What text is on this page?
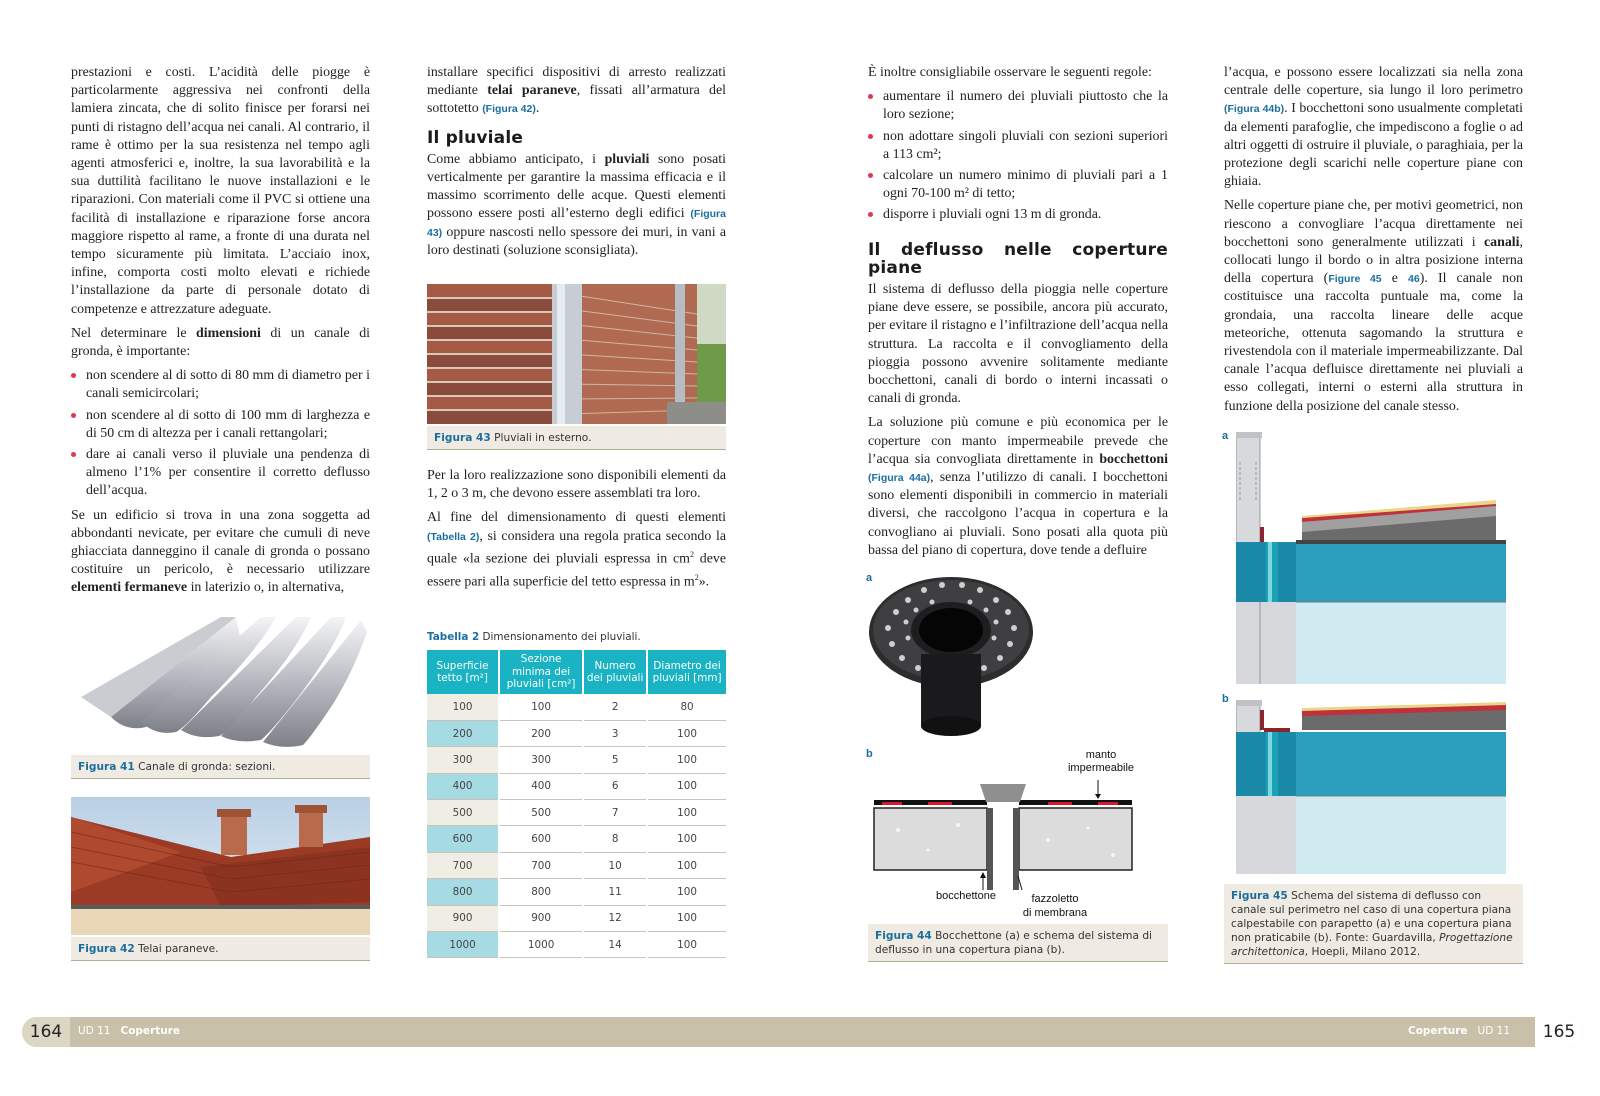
prestazioni e costi. L’acidità delle piogge è particolarmente aggressiva nei confronti della lamiera zincata, che di solito finisce per forarsi nei punti di ristagno dell’acqua nei canali. Al contrario, il rame è ottimo per la sua resistenza nel tempo agli agenti atmosferici e, inoltre, la sua lavorabilità e la sua duttilità facilitano le nuove installazioni e le riparazioni. Con materiali come il PVC si ottiene una facilità di installazione e riparazione forse ancora maggiore rispetto al rame, a fronte di una durata nel tempo sicuramente più limitata. L’acciaio inox, infine, comporta costi molto elevati e richiede l’installazione da parte di personale dotato di competenze e attrezzature adeguate.

Nel determinare le dimensioni di un canale di gronda, è importante:

non scendere al di sotto di 80 mm di diametro per i canali semicircolari;
non scendere al di sotto di 100 mm di larghezza e di 50 cm di altezza per i canali rettangolari;
dare ai canali verso il pluviale una pendenza di almeno l’1% per consentire il corretto deflusso dell’acqua.

Se un edificio si trova in una zona soggetta ad abbondanti nevicate, per evitare che cumuli di neve ghiacciata danneggino il canale di gronda o possano costituire un pericolo, è necessario utilizzare elementi fermaneve in laterizio o, in alternativa,

Figura 41 Canale di gronda: sezioni.
Figura 42 Telai paraneve.

installare specifici dispositivi di arresto realizzati mediante telai paraneve, fissati all’armatura del sottotetto (Figura 42).

Il pluviale

Come abbiamo anticipato, i pluviali sono posati verticalmente per garantire la massima efficacia e il massimo scorrimento delle acque. Questi elementi possono essere posti all’esterno degli edifici (Figura 43) oppure nascosti nello spessore dei muri, in vani a loro destinati (soluzione sconsigliata).

Figura 43 Pluviali in esterno.

Per la loro realizzazione sono disponibili elementi da 1, 2 o 3 m, che devono essere assemblati tra loro.

Al fine del dimensionamento di questi elementi (Tabella 2), si considera una regola pratica secondo la quale «la sezione dei pluviali espressa in $cm^2$ deve essere pari alla superficie del tetto espressa in $m^2$».

Tabella 2 Dimensionamento dei pluviali.
Superficie tetto [m²]	Sezione minima dei pluviali [cm²]	Numero dei pluviali	Diametro dei pluviali [mm]
100	100	2	80
200	200	3	100
300	300	5	100
400	400	6	100
500	500	7	100
600	600	8	100
700	700	10	100
800	800	11	100
900	900	12	100
1000	1000	14	100

È inoltre consigliabile osservare le seguenti regole:

aumentare il numero dei pluviali piuttosto che la loro sezione;
non adottare singoli pluviali con sezioni superiori a 113 cm²;
calcolare un numero minimo di pluviali pari a 1 ogni 70-100 m² di tetto;
disporre i pluviali ogni 13 m di gronda.
Il deflusso nelle coperture piane

Il sistema di deflusso della pioggia nelle coperture piane deve essere, se possibile, ancora più accurato, per evitare il ristagno e l’infiltrazione dell’acqua nella struttura. La raccolta e il convogliamento della pioggia possono avvenire solitamente mediante bocchettoni, canali di bordo o interni incassati o canali di gronda.

La soluzione più comune e più economica per le coperture con manto impermeabile prevede che l’acqua sia convogliata direttamente in bocchettoni (Figura 44a), senza l’utilizzo di canali. I bocchettoni sono elementi disponibili in commercio in materiali diversi, che raccolgono l’acqua in copertura e la convogliano ai pluviali. Sono posati alla quota più bassa del piano di copertura, dove tende a defluire

a
b	manto
impermeabile
bocchettone	fazzoletto
di membrana
Figura 44 Bocchettone (a) e schema del sistema di deflusso in una copertura piana (b).

l’acqua, e possono essere localizzati sia nella zona centrale delle coperture, sia lungo il loro perimetro (Figura 44b). I bocchettoni sono usualmente completati da elementi parafoglie, che impediscono a foglie o ad altri oggetti di ostruire il pluviale, o paraghiaia, per la protezione degli scarichi nelle coperture piane con ghiaia.

Nelle coperture piane che, per motivi geometrici, non riescono a convogliare l’acqua direttamente nei bocchettoni sono generalmente utilizzati i canali, collocati lungo il bordo o in altra posizione interna della copertura (Figure 45 e 46). Il canale non costituisce una raccolta puntuale ma, come la grondaia, una raccolta lineare delle acque meteoriche, ottenuta sagomando la struttura e rivestendola con il materiale impermeabilizzante. Dal canale l’acqua defluisce direttamente nei pluviali a esso collegati, interni o esterni alla struttura in funzione della posizione del canale stesso.

a
b
Figura 45 Schema del sistema di deflusso con canale sul perimetro nel caso di una copertura piana calpestabile con parapetto (a) e una copertura piana non praticabile (b). Fonte: Guardavilla, Progettazione architettonica, Hoepli, Milano 2012.
164	UD 11 Coperture	Coperture UD 11	165
